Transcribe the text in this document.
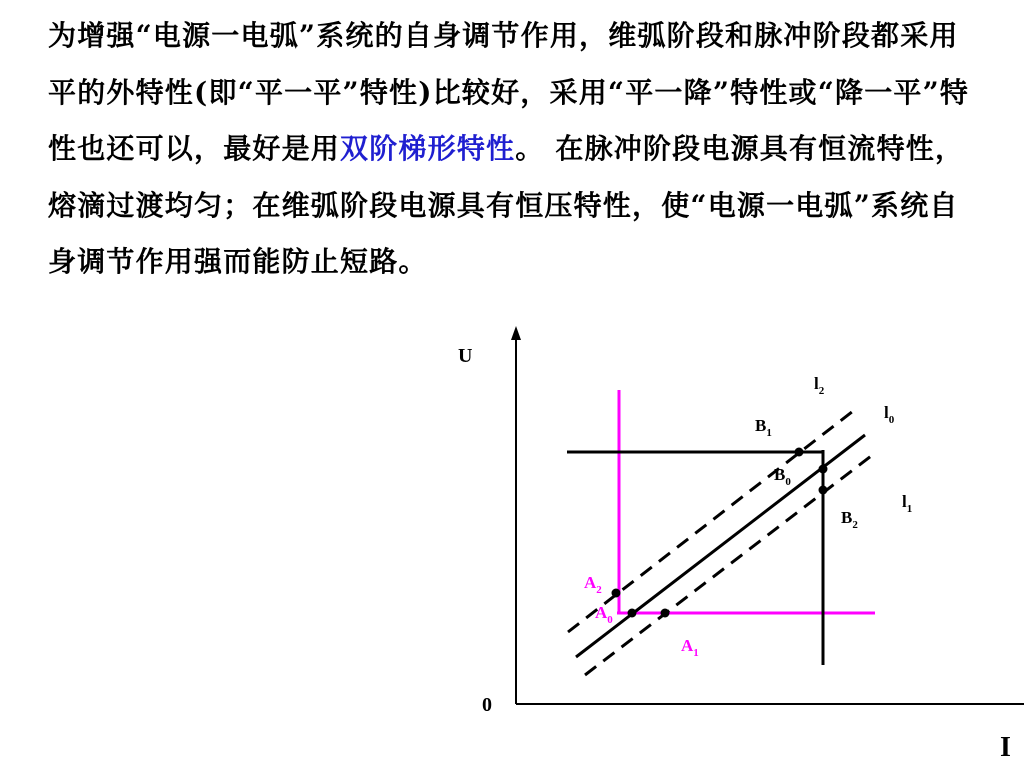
为增强“电源一电弧”系统的自身调节作用，维弧阶段和脉冲阶段都采用平的外特性(即“平一平”特性)比较好，采用“平一降”特性或“降一平”特性也还可以，最好是用双阶梯形特性。 在脉冲阶段电源具有恒流特性，熔滴过渡均匀；在维弧阶段电源具有恒压特性，使“电源一电弧”系统自身调节作用强而能防止短路。
U
I
0
$l_2$
$l_0$
$l_1$
$B_1$
$B_0$
$B_2$
$A_2$
$A_0$
$A_1$
